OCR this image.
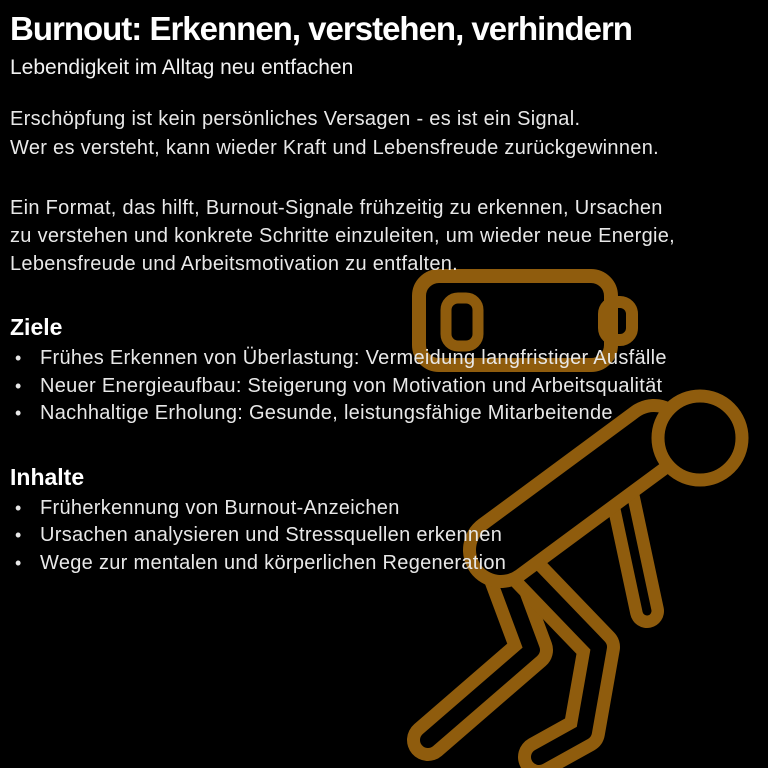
Burnout: Erkennen, verstehen, verhindern
Lebendigkeit im Alltag neu entfachen
Erschöpfung ist kein persönliches Versagen - es ist ein Signal.
Wer es versteht, kann wieder Kraft und Lebensfreude zurückgewinnen.
Ein Format, das hilft, Burnout-Signale frühzeitig zu erkennen, Ursachen
zu verstehen und konkrete Schritte einzuleiten, um wieder neue Energie,
Lebensfreude und Arbeitsmotivation zu entfalten.
Ziele
• Frühes Erkennen von Überlastung: Vermeidung langfristiger Ausfälle
• Neuer Energieaufbau: Steigerung von Motivation und Arbeitsqualität
• Nachhaltige Erholung: Gesunde, leistungsfähige Mitarbeitende
Inhalte
• Früherkennung von Burnout-Anzeichen
• Ursachen analysieren und Stressquellen erkennen
• Wege zur mentalen und körperlichen Regeneration
